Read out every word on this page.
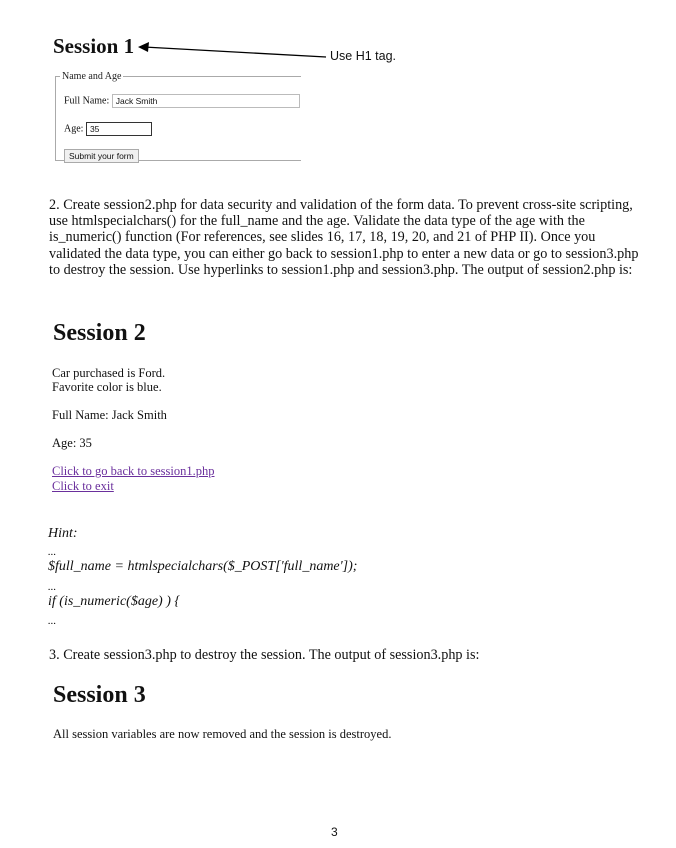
Session 1	Use H1 tag.
Name and Age
Full Name: Jack Smith
Age: 35
Submit your form

2. Create session2.php for data security and validation of the form data. To prevent cross-site scripting, use htmlspecialchars() for the full_name and the age. Validate the data type of the age with the is_numeric() function (For references, see slides 16, 17, 18, 19, 20, and 21 of PHP II). Once you validated the data type, you can either go back to session1.php to enter a new data or go to session3.php to destroy the session. Use hyperlinks to session1.php and session3.php. The output of session2.php is:

Session 2

Car purchased is Ford.

Favorite color is blue.

Full Name: Jack Smith

Age: 35

Click to go back to session1.php
Click to exit

Hint:

...

$full_name = htmlspecialchars($_POST['full_name']);

...

if (is_numeric($age) ) {

...

3. Create session3.php to destroy the session. The output of session3.php is:

Session 3

All session variables are now removed and the session is destroyed.

3
